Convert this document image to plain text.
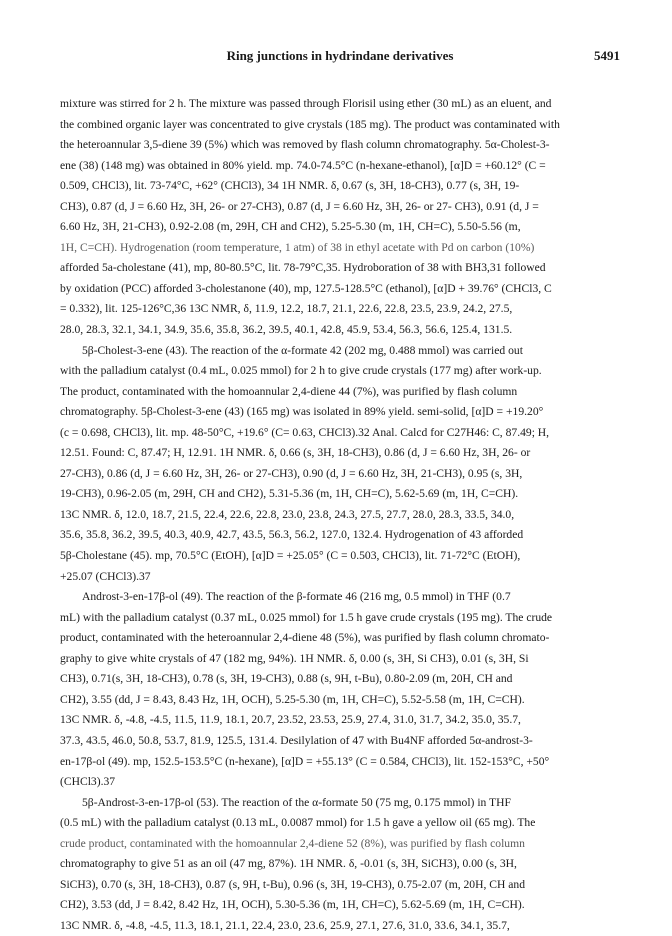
Ring junctions in hydrindane derivatives	5491
mixture was stirred for 2 h. The mixture was passed through Florisil using ether (30 mL) as an eluent, and
the combined organic layer was concentrated to give crystals (185 mg). The product was contaminated with
the heteroannular 3,5-diene 39 (5%) which was removed by flash column chromatography. 5α-Cholest-3-
ene (38) (148 mg) was obtained in 80% yield. mp. 74.0-74.5°C (n-hexane-ethanol), [α]D = +60.12° (C =
0.509, CHCl3), lit. 73-74°C, +62° (CHCl3), 34 1H NMR. δ, 0.67 (s, 3H, 18-CH3), 0.77 (s, 3H, 19-
CH3), 0.87 (d, J = 6.60 Hz, 3H, 26- or 27-CH3), 0.87 (d, J = 6.60 Hz, 3H, 26- or 27- CH3), 0.91 (d, J =
6.60 Hz, 3H, 21-CH3), 0.92-2.08 (m, 29H, CH and CH2), 5.25-5.30 (m, 1H, CH=C), 5.50-5.56 (m,
1H, C=CH). Hydrogenation (room temperature, 1 atm) of 38 in ethyl acetate with Pd on carbon (10%)
afforded 5a-cholestane (41), mp, 80-80.5°C, lit. 78-79°C,35. Hydroboration of 38 with BH3,31 followed
by oxidation (PCC) afforded 3-cholestanone (40), mp, 127.5-128.5°C (ethanol), [α]D + 39.76° (CHCl3, C
= 0.332), lit. 125-126°C,36 13C NMR, δ, 11.9, 12.2, 18.7, 21.1, 22.6, 22.8, 23.5, 23.9, 24.2, 27.5,
28.0, 28.3, 32.1, 34.1, 34.9, 35.6, 35.8, 36.2, 39.5, 40.1, 42.8, 45.9, 53.4, 56.3, 56.6, 125.4, 131.5.
5β-Cholest-3-ene (43). The reaction of the α-formate 42 (202 mg, 0.488 mmol) was carried out
with the palladium catalyst (0.4 mL, 0.025 mmol) for 2 h to give crude crystals (177 mg) after work-up.
The product, contaminated with the homoannular 2,4-diene 44 (7%), was purified by flash column
chromatography. 5β-Cholest-3-ene (43) (165 mg) was isolated in 89% yield. semi-solid, [α]D = +19.20°
(c = 0.698, CHCl3), lit. mp. 48-50°C, +19.6° (C= 0.63, CHCl3).32 Anal. Calcd for C27H46: C, 87.49; H,
12.51. Found: C, 87.47; H, 12.91. 1H NMR. δ, 0.66 (s, 3H, 18-CH3), 0.86 (d, J = 6.60 Hz, 3H, 26- or
27-CH3), 0.86 (d, J = 6.60 Hz, 3H, 26- or 27-CH3), 0.90 (d, J = 6.60 Hz, 3H, 21-CH3), 0.95 (s, 3H,
19-CH3), 0.96-2.05 (m, 29H, CH and CH2), 5.31-5.36 (m, 1H, CH=C), 5.62-5.69 (m, 1H, C=CH).
13C NMR. δ, 12.0, 18.7, 21.5, 22.4, 22.6, 22.8, 23.0, 23.8, 24.3, 27.5, 27.7, 28.0, 28.3, 33.5, 34.0,
35.6, 35.8, 36.2, 39.5, 40.3, 40.9, 42.7, 43.5, 56.3, 56.2, 127.0, 132.4. Hydrogenation of 43 afforded
5β-Cholestane (45). mp, 70.5°C (EtOH), [α]D = +25.05° (C = 0.503, CHCl3), lit. 71-72°C (EtOH),
+25.07 (CHCl3).37
Androst-3-en-17β-ol (49). The reaction of the β-formate 46 (216 mg, 0.5 mmol) in THF (0.7
mL) with the palladium catalyst (0.37 mL, 0.025 mmol) for 1.5 h gave crude crystals (195 mg). The crude
product, contaminated with the heteroannular 2,4-diene 48 (5%), was purified by flash column chromato-
graphy to give white crystals of 47 (182 mg, 94%). 1H NMR. δ, 0.00 (s, 3H, Si CH3), 0.01 (s, 3H, Si
CH3), 0.71(s, 3H, 18-CH3), 0.78 (s, 3H, 19-CH3), 0.88 (s, 9H, t-Bu), 0.80-2.09 (m, 20H, CH and
CH2), 3.55 (dd, J = 8.43, 8.43 Hz, 1H, OCH), 5.25-5.30 (m, 1H, CH=C), 5.52-5.58 (m, 1H, C=CH).
13C NMR. δ, -4.8, -4.5, 11.5, 11.9, 18.1, 20.7, 23.52, 23.53, 25.9, 27.4, 31.0, 31.7, 34.2, 35.0, 35.7,
37.3, 43.5, 46.0, 50.8, 53.7, 81.9, 125.5, 131.4. Desilylation of 47 with Bu4NF afforded 5α-androst-3-
en-17β-ol (49). mp, 152.5-153.5°C (n-hexane), [α]D = +55.13° (C = 0.584, CHCl3), lit. 152-153°C, +50°
(CHCl3).37
5β-Androst-3-en-17β-ol (53). The reaction of the α-formate 50 (75 mg, 0.175 mmol) in THF
(0.5 mL) with the palladium catalyst (0.13 mL, 0.0087 mmol) for 1.5 h gave a yellow oil (65 mg). The
crude product, contaminated with the homoannular 2,4-diene 52 (8%), was purified by flash column
chromatography to give 51 as an oil (47 mg, 87%). 1H NMR. δ, -0.01 (s, 3H, SiCH3), 0.00 (s, 3H,
SiCH3), 0.70 (s, 3H, 18-CH3), 0.87 (s, 9H, t-Bu), 0.96 (s, 3H, 19-CH3), 0.75-2.07 (m, 20H, CH and
CH2), 3.53 (dd, J = 8.42, 8.42 Hz, 1H, OCH), 5.30-5.36 (m, 1H, CH=C), 5.62-5.69 (m, 1H, C=CH).
13C NMR. δ, -4.8, -4.5, 11.3, 18.1, 21.1, 22.4, 23.0, 23.6, 25.9, 27.1, 27.6, 31.0, 33.6, 34.1, 35.7,
